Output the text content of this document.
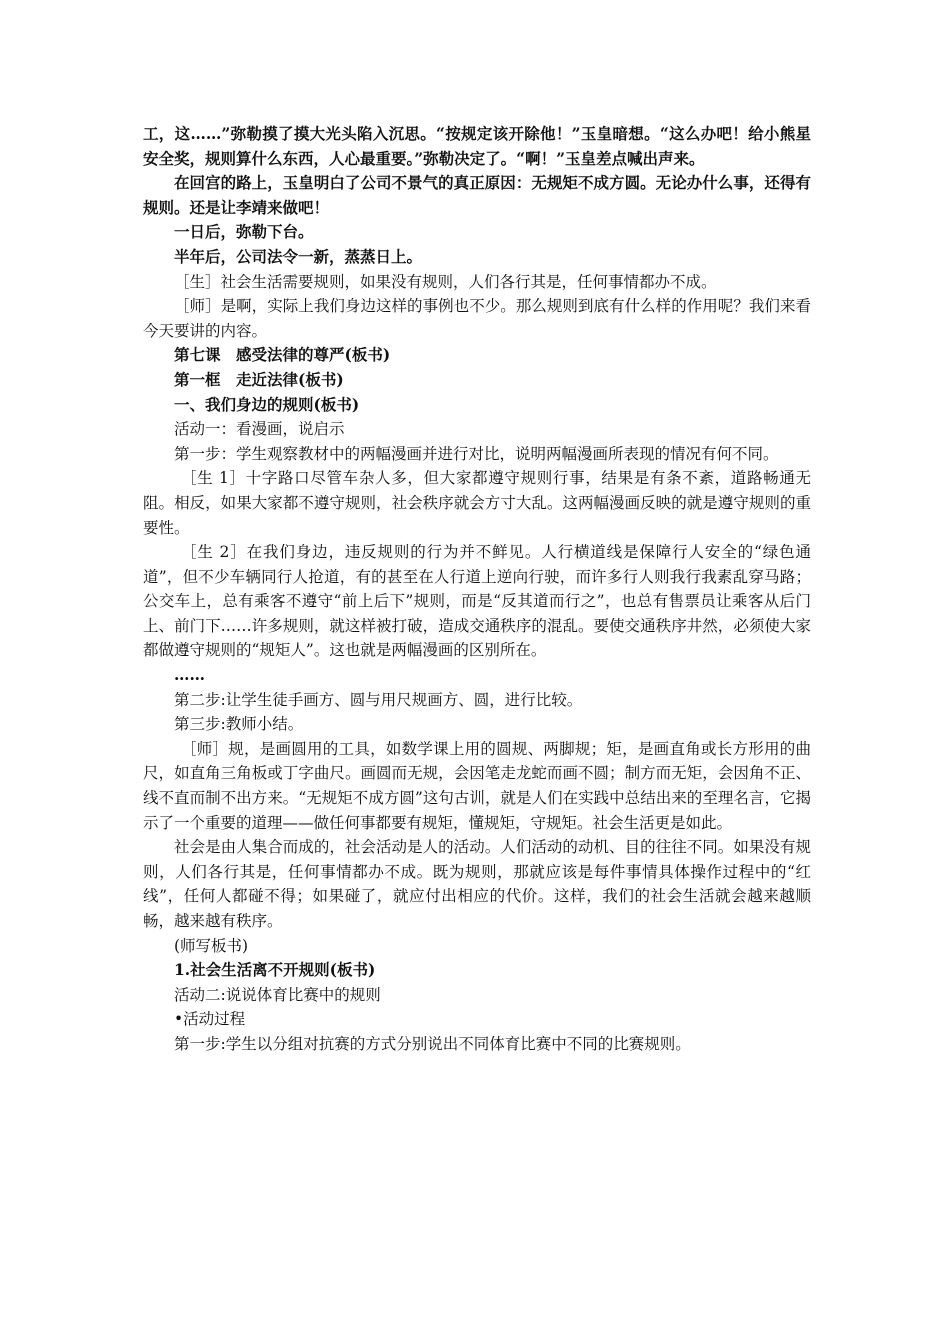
工，这……”弥勒摸了摸大光头陷入沉思。“按规定该开除他！”玉皇暗想。“这么办吧！给小熊星安全奖，规则算什么东西，人心最重要。”弥勒决定了。“啊！”玉皇差点喊出声来。

在回宫的路上，玉皇明白了公司不景气的真正原因：无规矩不成方圆。无论办什么事，还得有规则。还是让李靖来做吧！

一日后，弥勒下台。

半年后，公司法令一新，蒸蒸日上。

［生］社会生活需要规则，如果没有规则，人们各行其是，任何事情都办不成。

［师］是啊，实际上我们身边这样的事例也不少。那么规则到底有什么样的作用呢？我们来看今天要讲的内容。

第七课　感受法律的尊严(板书)

第一框　走近法律(板书)

一、我们身边的规则(板书)

活动一：看漫画，说启示

第一步：学生观察教材中的两幅漫画并进行对比，说明两幅漫画所表现的情况有何不同。

［生 1］十字路口尽管车杂人多，但大家都遵守规则行事，结果是有条不紊，道路畅通无阻。相反，如果大家都不遵守规则，社会秩序就会方寸大乱。这两幅漫画反映的就是遵守规则的重要性。

［生 2］在我们身边，违反规则的行为并不鲜见。人行横道线是保障行人安全的“绿色通道”，但不少车辆同行人抢道，有的甚至在人行道上逆向行驶，而许多行人则我行我素乱穿马路；公交车上，总有乘客不遵守“前上后下”规则，而是“反其道而行之”，也总有售票员让乘客从后门上、前门下……许多规则，就这样被打破，造成交通秩序的混乱。要使交通秩序井然，必须使大家都做遵守规则的“规矩人”。这也就是两幅漫画的区别所在。

……

第二步:让学生徒手画方、圆与用尺规画方、圆，进行比较。

第三步:教师小结。

［师］规，是画圆用的工具，如数学课上用的圆规、两脚规；矩，是画直角或长方形用的曲尺，如直角三角板或丁字曲尺。画圆而无规，会因笔走龙蛇而画不圆；制方而无矩，会因角不正、线不直而制不出方来。“无规矩不成方圆”这句古训，就是人们在实践中总结出来的至理名言，它揭示了一个重要的道理——做任何事都要有规矩，懂规矩，守规矩。社会生活更是如此。

社会是由人集合而成的，社会活动是人的活动。人们活动的动机、目的往往不同。如果没有规则，人们各行其是，任何事情都办不成。既为规则，那就应该是每件事情具体操作过程中的“红线”，任何人都碰不得；如果碰了，就应付出相应的代价。这样，我们的社会生活就会越来越顺畅，越来越有秩序。

(师写板书)

1.社会生活离不开规则(板书)

活动二:说说体育比赛中的规则

•活动过程

第一步:学生以分组对抗赛的方式分别说出不同体育比赛中不同的比赛规则。
